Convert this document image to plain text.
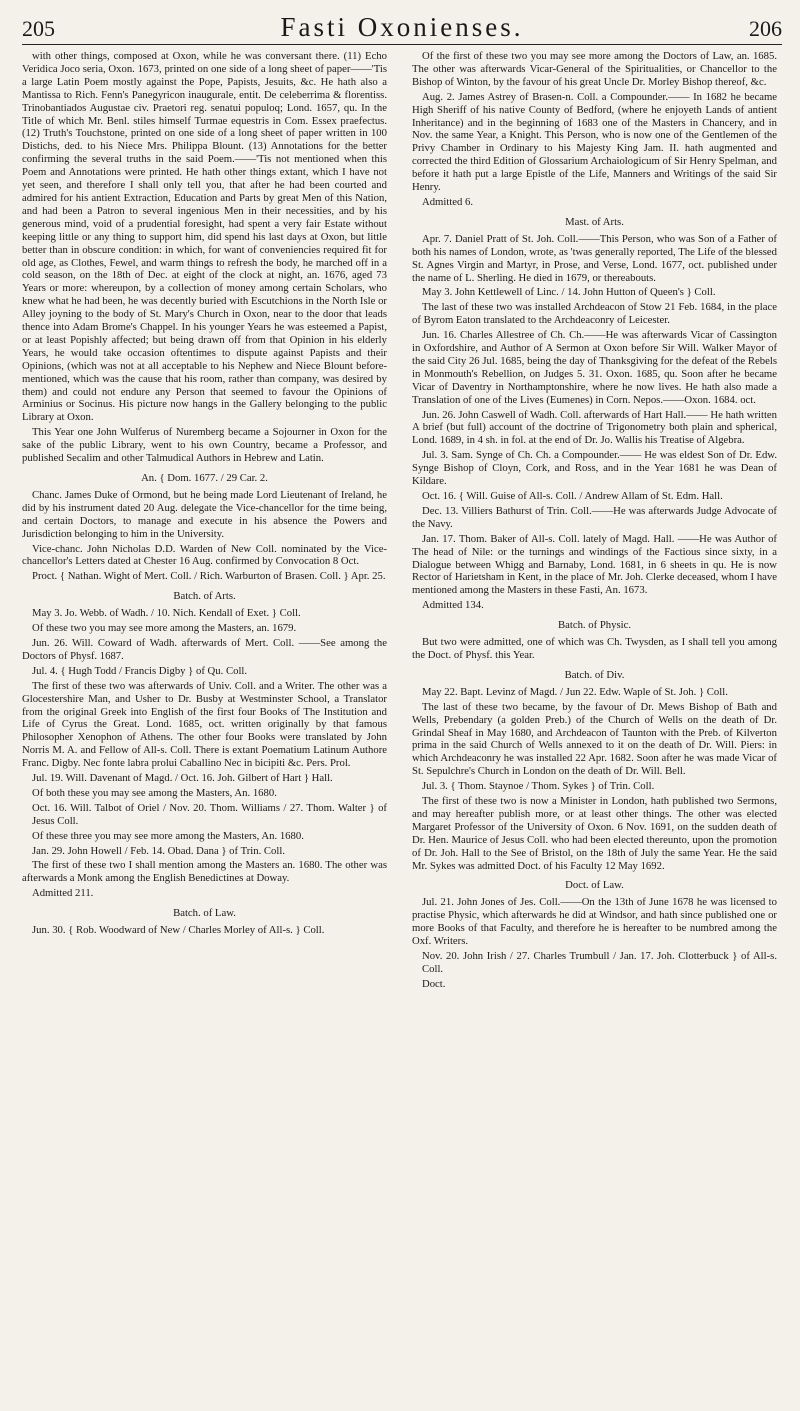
205	Fasti Oxonienses.	206

with other things, composed at Oxon, while he was conversant there. (11) Echo Veridica Joco seria, Oxon. 1673, printed on one side of a long sheet of paper——'Tis a large Latin Poem mostly against the Pope, Papists, Jesuits, &c. He hath also a Mantissa to Rich. Fenn's Panegyricon inaugurale, entit. De celeberrima & florentiss. Trinobantiados Augustae civ. Praetori reg. senatui populoq; Lond. 1657, qu. In the Title of which Mr. Benl. stiles himself Turmae equestris in Com. Essex praefectus. (12) Truth's Touchstone, printed on one side of a long sheet of paper written in 100 Distichs, ded. to his Niece Mrs. Philippa Blount. (13) Annotations for the better confirming the several truths in the said Poem.——'Tis not mentioned when this Poem and Annotations were printed. He hath other things extant, which I have not yet seen, and therefore I shall only tell you, that after he had been courted and admired for his antient Extraction, Education and Parts by great Men of this Nation, and had been a Patron to several ingenious Men in their necessities, and by his generous mind, void of a prudential foresight, had spent a very fair Estate without keeping little or any thing to support him, did spend his last days at Oxon, but little better than in obscure condition: in which, for want of conveniencies required fit for old age, as Clothes, Fewel, and warm things to refresh the body, he marched off in a cold season, on the 18th of Dec. at eight of the clock at night, an. 1676, aged 73 Years or more: whereupon, by a collection of money among certain Scholars, who knew what he had been, he was decently buried with Escutchions in the North Isle or Alley joyning to the body of St. Mary's Church in Oxon, near to the door that leads thence into Adam Brome's Chappel. In his younger Years he was esteemed a Papist, or at least Popishly affected; but being drawn off from that Opinion in his elderly Years, he would take occasion oftentimes to dispute against Papists and their Opinions, (which was not at all acceptable to his Nephew and Niece Blount before-mentioned, which was the cause that his room, rather than company, was desired by them) and could not endure any Person that seemed to favour the Opinions of Arminius or Socinus. His picture now hangs in the Gallery belonging to the public Library at Oxon.

This Year one John Wulferus of Nuremberg became a Sojourner in Oxon for the sake of the public Library, went to his own Country, became a Professor, and published Secalim and other Talmudical Authors in Hebrew and Latin.

An. { Dom. 1677. / 29 Car. 2.

Chanc. James Duke of Ormond, but he being made Lord Lieutenant of Ireland, he did by his instrument dated 20 Aug. delegate the Vice-chancellor for the time being, and certain Doctors, to manage and execute in his absence the Powers and Jurisdiction belonging to him in the University.

Vice-chanc. John Nicholas D.D. Warden of New Coll. nominated by the Vice-chancellor's Letters dated at Chester 16 Aug. confirmed by Convocation 8 Oct.

Proct. { Nathan. Wight of Mert. Coll. / Rich. Warburton of Brasen. Coll. } Apr. 25.

Batch. of Arts.

May 3. Jo. Webb. of Wadh. / 10. Nich. Kendall of Exet. } Coll.

Of these two you may see more among the Masters, an. 1679.

Jun. 26. Will. Coward of Wadh. afterwards of Mert. Coll. ——See among the Doctors of Physf. 1687.

Jul. 4. { Hugh Todd / Francis Digby } of Qu. Coll.

The first of these two was afterwards of Univ. Coll. and a Writer. The other was a Glocestershire Man, and Usher to Dr. Busby at Westminster School, a Translator from the original Greek into English of the first four Books of The Institution and Life of Cyrus the Great. Lond. 1685, oct. written originally by that famous Philosopher Xenophon of Athens. The other four Books were translated by John Norris M. A. and Fellow of All-s. Coll. There is extant Poematium Latinum Authore Franc. Digby. Nec fonte labra prolui Caballino Nec in bicipiti &c. Pers. Prol.

Jul. 19. Will. Davenant of Magd. / Oct. 16. Joh. Gilbert of Hart } Hall.

Of both these you may see among the Masters, An. 1680.

Oct. 16. Will. Talbot of Oriel / Nov. 20. Thom. Williams / 27. Thom. Walter } of Jesus Coll.

Of these three you may see more among the Masters, An. 1680.

Jan. 29. John Howell / Feb. 14. Obad. Dana } of Trin. Coll.

The first of these two I shall mention among the Masters an. 1680. The other was afterwards a Monk among the English Benedictines at Doway.

Admitted 211.

Batch. of Law.

Jun. 30. { Rob. Woodward of New / Charles Morley of All-s. } Coll.

Of the first of these two you may see more among the Doctors of Law, an. 1685. The other was afterwards Vicar-General of the Spiritualities, or Chancellor to the Bishop of Winton, by the favour of his great Uncle Dr. Morley Bishop thereof, &c.

Aug. 2. James Astrey of Brasen-n. Coll. a Compounder.—— In 1682 he became High Sheriff of his native County of Bedford, (where he enjoyeth Lands of antient Inheritance) and in the beginning of 1683 one of the Masters in Chancery, and in Nov. the same Year, a Knight. This Person, who is now one of the Gentlemen of the Privy Chamber in Ordinary to his Majesty King Jam. II. hath augmented and corrected the third Edition of Glossarium Archaiologicum of Sir Henry Spelman, and before it hath put a large Epistle of the Life, Manners and Writings of the said Sir Henry.

Admitted 6.

Mast. of Arts.

Apr. 7. Daniel Pratt of St. Joh. Coll.——This Person, who was Son of a Father of both his names of London, wrote, as 'twas generally reported, The Life of the blessed St. Agnes Virgin and Martyr, in Prose, and Verse, Lond. 1677, oct. published under the name of L. Sherling. He died in 1679, or thereabouts.

May 3. John Kettlewell of Linc. / 14. John Hutton of Queen's } Coll.

The last of these two was installed Archdeacon of Stow 21 Feb. 1684, in the place of Byrom Eaton translated to the Archdeaconry of Leicester.

Jun. 16. Charles Allestree of Ch. Ch.——He was afterwards Vicar of Cassington in Oxfordshire, and Author of A Sermon at Oxon before Sir Will. Walker Mayor of the said City 26 Jul. 1685, being the day of Thanksgiving for the defeat of the Rebels in Monmouth's Rebellion, on Judges 5. 31. Oxon. 1685, qu. Soon after he became Vicar of Daventry in Northamptonshire, where he now lives. He hath also made a Translation of one of the Lives (Eumenes) in Corn. Nepos.——Oxon. 1684. oct.

Jun. 26. John Caswell of Wadh. Coll. afterwards of Hart Hall.—— He hath written A brief (but full) account of the doctrine of Trigonometry both plain and spherical, Lond. 1689, in 4 sh. in fol. at the end of Dr. Jo. Wallis his Treatise of Algebra.

Jul. 3. Sam. Synge of Ch. Ch. a Compounder.—— He was eldest Son of Dr. Edw. Synge Bishop of Cloyn, Cork, and Ross, and in the Year 1681 he was Dean of Kildare.

Oct. 16. { Will. Guise of All-s. Coll. / Andrew Allam of St. Edm. Hall.

Dec. 13. Villiers Bathurst of Trin. Coll.——He was afterwards Judge Advocate of the Navy.

Jan. 17. Thom. Baker of All-s. Coll. lately of Magd. Hall. ——He was Author of The head of Nile: or the turnings and windings of the Factious since sixty, in a Dialogue between Whigg and Barnaby, Lond. 1681, in 6 sheets in qu. He is now Rector of Harietsham in Kent, in the place of Mr. Joh. Clerke deceased, whom I have mentioned among the Masters in these Fasti, An. 1673.

Admitted 134.

Batch. of Physic.

But two were admitted, one of which was Ch. Twysden, as I shall tell you among the Doct. of Physf. this Year.

Batch. of Div.

May 22. Bapt. Levinz of Magd. / Jun 22. Edw. Waple of St. Joh. } Coll.

The last of these two became, by the favour of Dr. Mews Bishop of Bath and Wells, Prebendary (a golden Preb.) of the Church of Wells on the death of Dr. Grindal Sheaf in May 1680, and Archdeacon of Taunton with the Preb. of Kilverton prima in the said Church of Wells annexed to it on the death of Dr. Will. Piers: in which Archdeaconry he was installed 22 Apr. 1682. Soon after he was made Vicar of St. Sepulchre's Church in London on the death of Dr. Will. Bell.

Jul. 3. { Thom. Staynoe / Thom. Sykes } of Trin. Coll.

The first of these two is now a Minister in London, hath published two Sermons, and may hereafter publish more, or at least other things. The other was elected Margaret Professor of the University of Oxon. 6 Nov. 1691, on the sudden death of Dr. Hen. Maurice of Jesus Coll. who had been elected thereunto, upon the promotion of Dr. Joh. Hall to the See of Bristol, on the 18th of July the same Year. He the said Mr. Sykes was admitted Doct. of his Faculty 12 May 1692.

Doct. of Law.

Jul. 21. John Jones of Jes. Coll.——On the 13th of June 1678 he was licensed to practise Physic, which afterwards he did at Windsor, and hath since published one or more Books of that Faculty, and therefore he is hereafter to be numbred among the Oxf. Writers.

Nov. 20. John Irish / 27. Charles Trumbull / Jan. 17. Joh. Clotterbuck } of All-s. Coll.

Doct.
